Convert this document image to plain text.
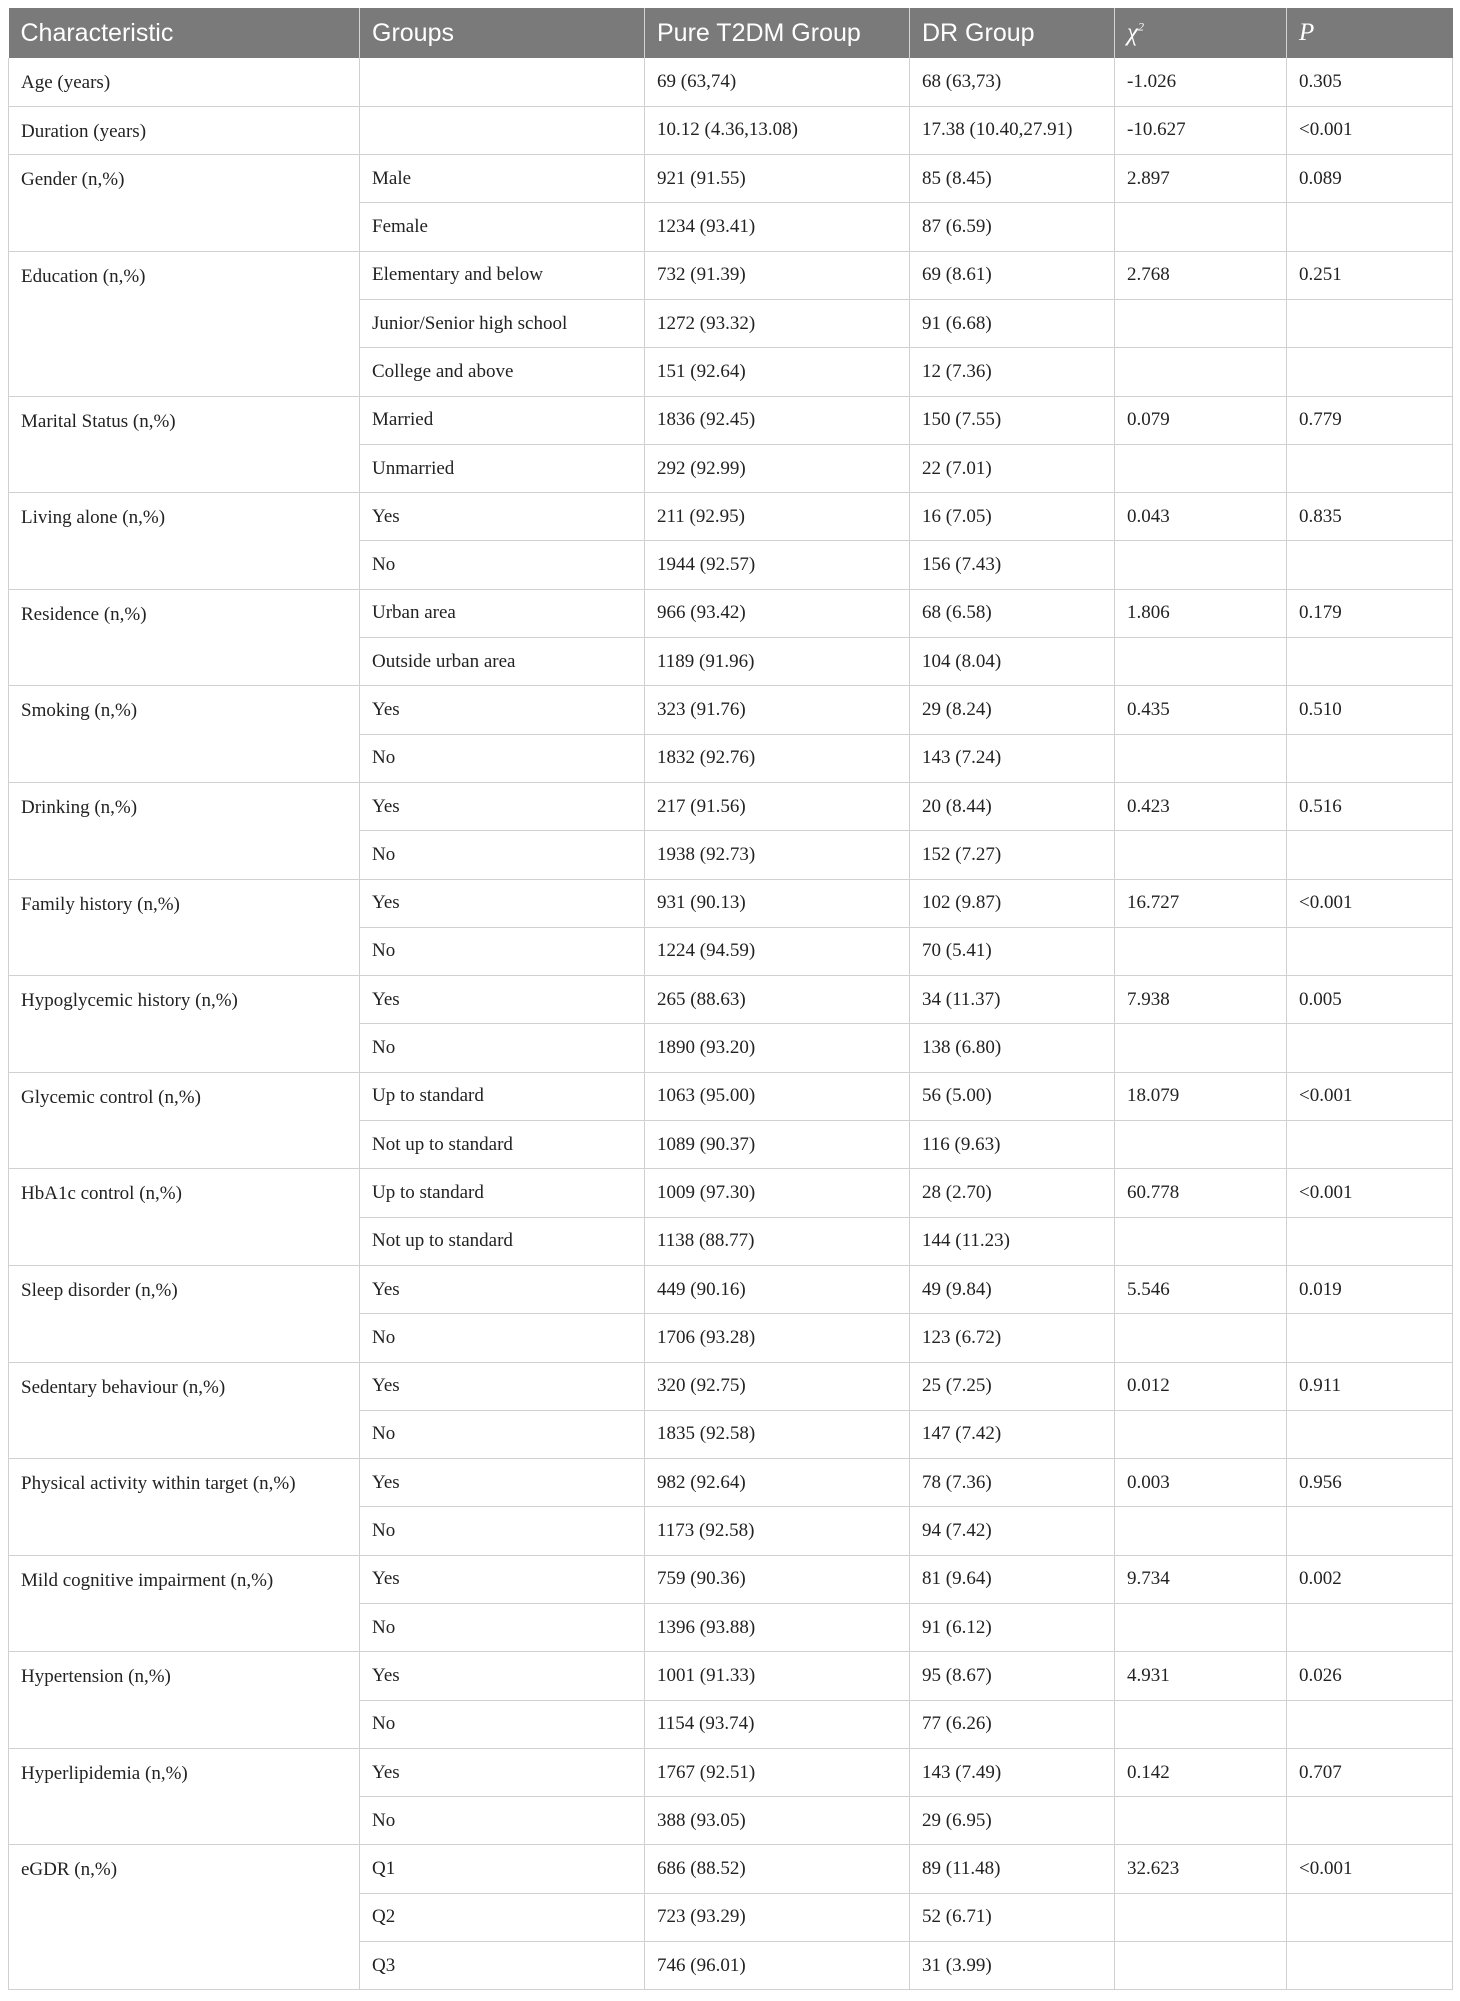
Characteristic	Groups	Pure T2DM Group	DR Group	$\chi^2$	P
Age (years)		69 (63,74)	68 (63,73)	-1.026	0.305
Duration (years)		10.12 (4.36,13.08)	17.38 (10.40,27.91)	-10.627	<0.001
Gender (n,%)	Male	921 (91.55)	85 (8.45)	2.897	0.089
	Female	1234 (93.41)	87 (6.59)		
Education (n,%)	Elementary and below	732 (91.39)	69 (8.61)	2.768	0.251
	Junior/Senior high school	1272 (93.32)	91 (6.68)		
	College and above	151 (92.64)	12 (7.36)		
Marital Status (n,%)	Married	1836 (92.45)	150 (7.55)	0.079	0.779
	Unmarried	292 (92.99)	22 (7.01)		
Living alone (n,%)	Yes	211 (92.95)	16 (7.05)	0.043	0.835
	No	1944 (92.57)	156 (7.43)		
Residence (n,%)	Urban area	966 (93.42)	68 (6.58)	1.806	0.179
	Outside urban area	1189 (91.96)	104 (8.04)		
Smoking (n,%)	Yes	323 (91.76)	29 (8.24)	0.435	0.510
	No	1832 (92.76)	143 (7.24)		
Drinking (n,%)	Yes	217 (91.56)	20 (8.44)	0.423	0.516
	No	1938 (92.73)	152 (7.27)		
Family history (n,%)	Yes	931 (90.13)	102 (9.87)	16.727	<0.001
	No	1224 (94.59)	70 (5.41)		
Hypoglycemic history (n,%)	Yes	265 (88.63)	34 (11.37)	7.938	0.005
	No	1890 (93.20)	138 (6.80)		
Glycemic control (n,%)	Up to standard	1063 (95.00)	56 (5.00)	18.079	<0.001
	Not up to standard	1089 (90.37)	116 (9.63)		
HbA1c control (n,%)	Up to standard	1009 (97.30)	28 (2.70)	60.778	<0.001
	Not up to standard	1138 (88.77)	144 (11.23)		
Sleep disorder (n,%)	Yes	449 (90.16)	49 (9.84)	5.546	0.019
	No	1706 (93.28)	123 (6.72)		
Sedentary behaviour (n,%)	Yes	320 (92.75)	25 (7.25)	0.012	0.911
	No	1835 (92.58)	147 (7.42)		
Physical activity within target (n,%)	Yes	982 (92.64)	78 (7.36)	0.003	0.956
	No	1173 (92.58)	94 (7.42)		
Mild cognitive impairment (n,%)	Yes	759 (90.36)	81 (9.64)	9.734	0.002
	No	1396 (93.88)	91 (6.12)		
Hypertension (n,%)	Yes	1001 (91.33)	95 (8.67)	4.931	0.026
	No	1154 (93.74)	77 (6.26)		
Hyperlipidemia (n,%)	Yes	1767 (92.51)	143 (7.49)	0.142	0.707
	No	388 (93.05)	29 (6.95)		
eGDR (n,%)	Q1	686 (88.52)	89 (11.48)	32.623	<0.001
	Q2	723 (93.29)	52 (6.71)		
	Q3	746 (96.01)	31 (3.99)		
